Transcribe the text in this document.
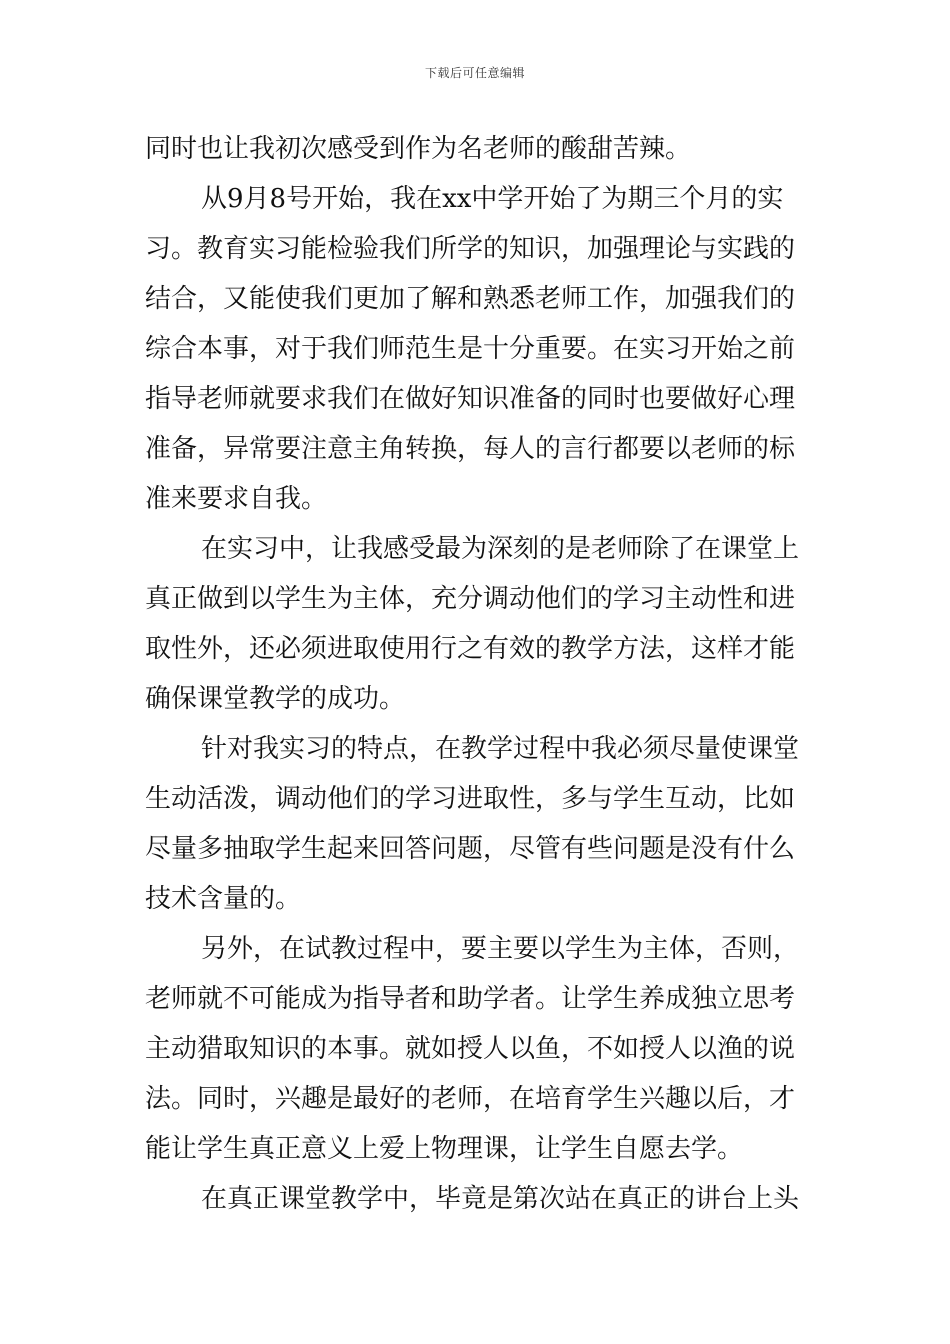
下载后可任意编辑
同时也让我初次感受到作为名老师的酸甜苦辣。
从9月8号开始，我在xx中学开始了为期三个月的实
习。教育实习能检验我们所学的知识，加强理论与实践的
结合，又能使我们更加了解和熟悉老师工作，加强我们的
综合本事，对于我们师范生是十分重要。在实习开始之前
指导老师就要求我们在做好知识准备的同时也要做好心理
准备，异常要注意主角转换，每人的言行都要以老师的标
准来要求自我。
在实习中，让我感受最为深刻的是老师除了在课堂上
真正做到以学生为主体，充分调动他们的学习主动性和进
取性外，还必须进取使用行之有效的教学方法，这样才能
确保课堂教学的成功。
针对我实习的特点，在教学过程中我必须尽量使课堂
生动活泼，调动他们的学习进取性，多与学生互动，比如
尽量多抽取学生起来回答问题，尽管有些问题是没有什么
技术含量的。
另外，在试教过程中，要主要以学生为主体，否则，
老师就不可能成为指导者和助学者。让学生养成独立思考
主动猎取知识的本事。就如授人以鱼，不如授人以渔的说
法。同时，兴趣是最好的老师，在培育学生兴趣以后，才
能让学生真正意义上爱上物理课，让学生自愿去学。
在真正课堂教学中，毕竟是第次站在真正的讲台上头
